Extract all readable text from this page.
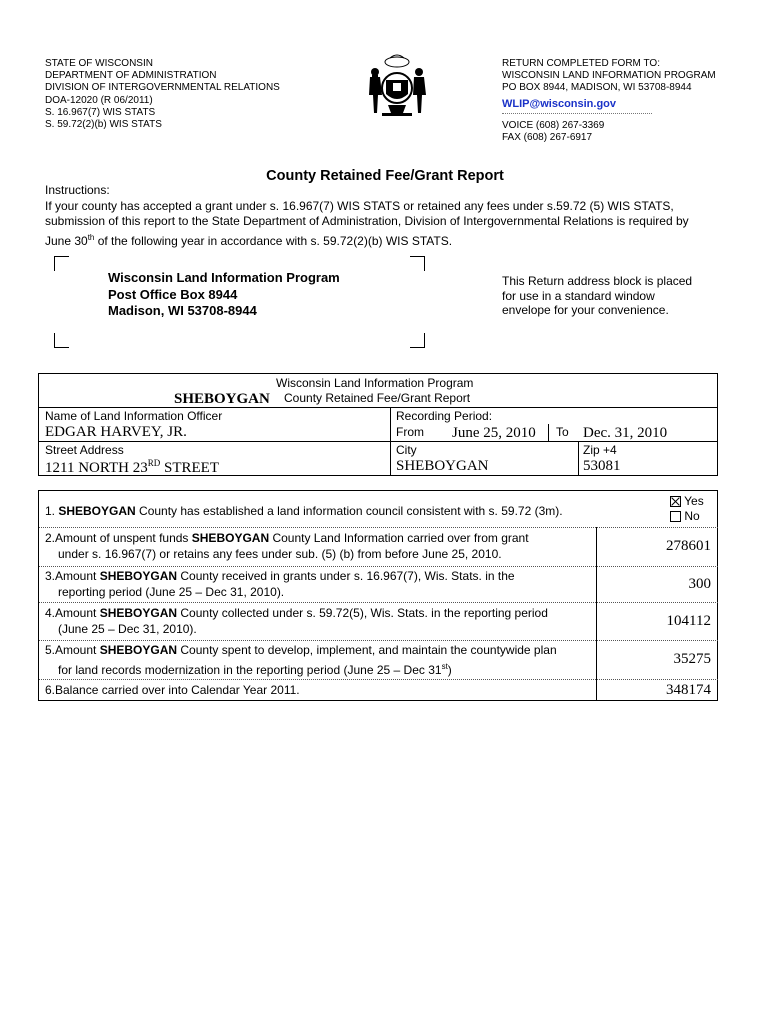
STATE OF WISCONSIN
DEPARTMENT OF ADMINISTRATION
DIVISION OF INTERGOVERNMENTAL RELATIONS
DOA-12020 (R 06/2011)
S. 16.967(7) WIS STATS
S. 59.72(2)(b) WIS STATS
RETURN COMPLETED FORM TO:
WISCONSIN LAND INFORMATION PROGRAM
PO BOX 8944, MADISON, WI 53708-8944
WLIP@wisconsin.gov
VOICE (608) 267-3369
FAX (608) 267-6917
County Retained Fee/Grant Report
Instructions:
If your county has accepted a grant under s. 16.967(7) WIS STATS or retained any fees under s.59.72 (5) WIS STATS,
submission of this report to the State Department of Administration, Division of Intergovernmental Relations is required by
June 30th of the following year in accordance with s. 59.72(2)(b) WIS STATS.
Wisconsin Land Information Program
Post Office Box 8944
Madison, WI 53708-8944
This Return address block is placed
for use in a standard window
envelope for your convenience.
Wisconsin Land Information Program
SHEBOYGAN County Retained Fee/Grant Report
Name of Land Information Officer
EDGAR HARVEY, JR.
Recording Period:
From June 25, 2010 To Dec. 31, 2010
Street Address
1211 NORTH 23RD STREET
City
SHEBOYGAN
Zip +4
53081
1. SHEBOYGAN County has established a land information council consistent with s. 59.72 (3m).
Yes
No
2.Amount of unspent funds SHEBOYGAN County Land Information carried over from grant
under s. 16.967(7) or retains any fees under sub. (5) (b) from before June 25, 2010.	278601
3.Amount SHEBOYGAN County received in grants under s. 16.967(7), Wis. Stats. in the
reporting period (June 25 – Dec 31, 2010).	300
4.Amount SHEBOYGAN County collected under s. 59.72(5), Wis. Stats. in the reporting period
(June 25 – Dec 31, 2010).	104112
5.Amount SHEBOYGAN County spent to develop, implement, and maintain the countywide plan
for land records modernization in the reporting period (June 25 – Dec 31st)
35275
6.Balance carried over into Calendar Year 2011.	348174
